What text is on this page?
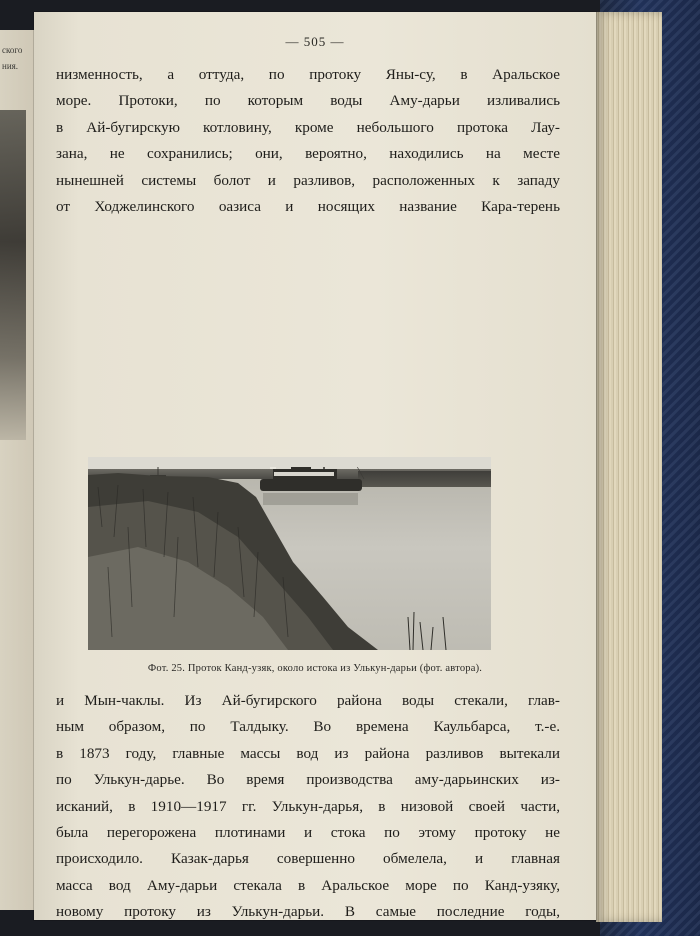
ского
ния.
— 505 —
низменность, а оттуда, по протоку Яны-су, в Аральское
море. Протоки, по которым воды Аму-дарьи изливались
в Ай-бугирскую котловину, кроме небольшого протока Лау-
зана, не сохранились; они, вероятно, находились на месте
нынешней системы болот и разливов, расположенных к западу
от Ходжелинского оазиса и носящих название Кара-терень
Фот. 25. Проток Канд-узяк, около истока из Улькун-дарьи (фот. автора).
и Мын-чаклы. Из Ай-бугирского района воды стекали, глав-
ным образом, по Талдыку. Во времена Каульбарса, т.-е.
в 1873 году, главные массы вод из района разливов вытекали
по Улькун-дарье. Во время производства аму-дарьинских из-
исканий, в 1910—1917 гг. Улькун-дарья, в низовой своей части,
была перегорожена плотинами и стока по этому протоку не
происходило. Казак-дарья совершенно обмелела, и главная
масса вод Аму-дарьи стекала в Аральское море по Канд-узяку,
новому протоку из Улькун-дарьи. В самые последние годы,
